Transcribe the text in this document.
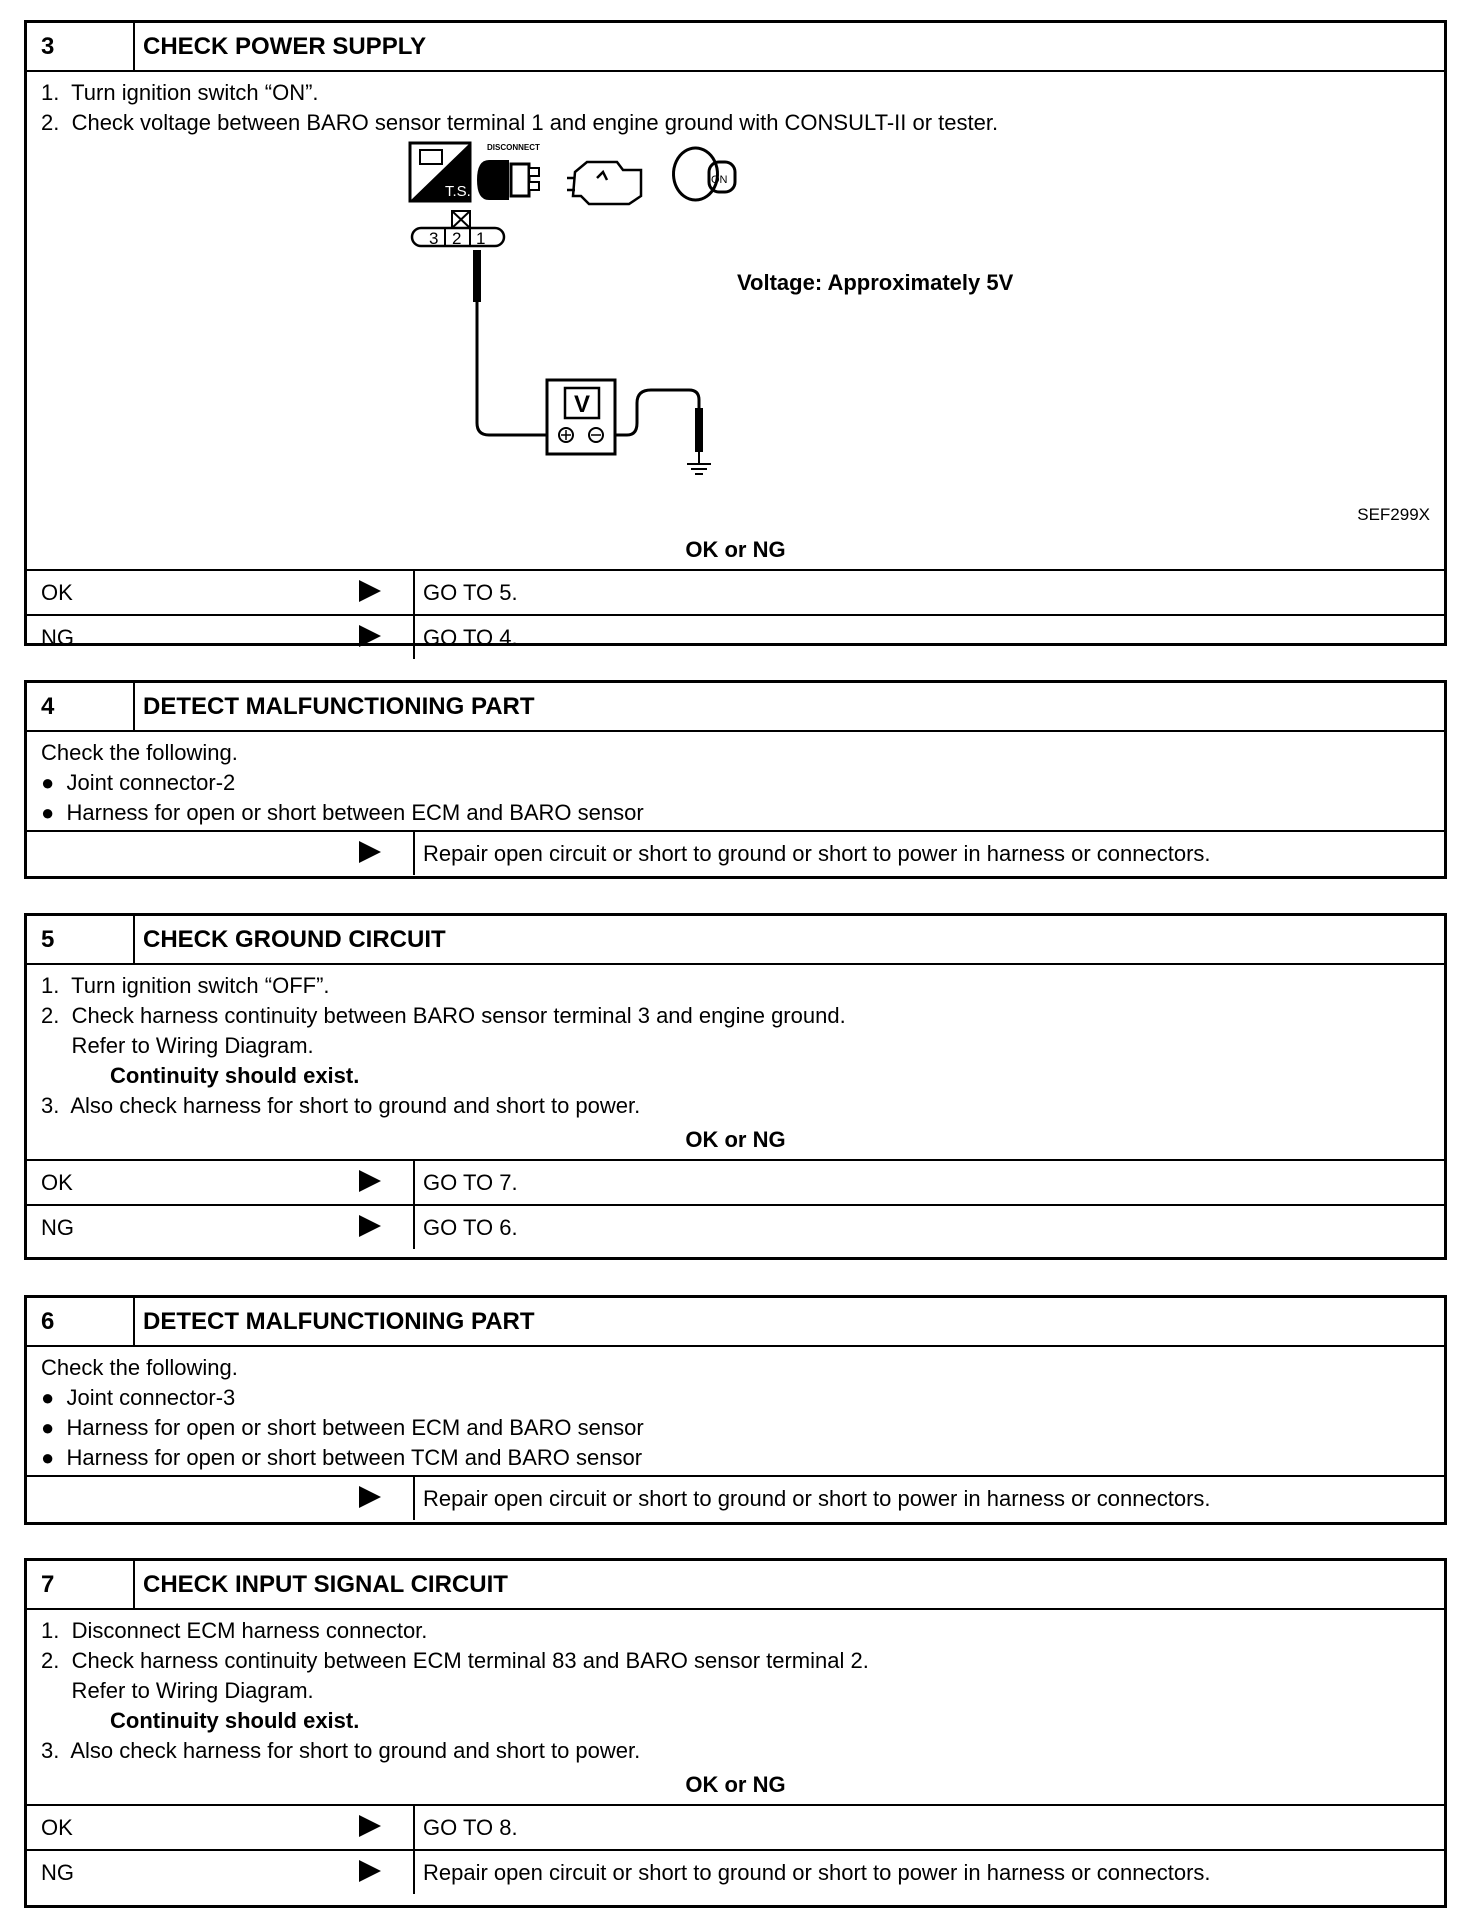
3	CHECK POWER SUPPLY
1.  Turn ignition switch “ON”.
2.  Check voltage between BARO sensor terminal 1 and engine ground with CONSULT-II or tester.
T.S.
DISCONNECT
ON
3 2 1
V
Voltage: Approximately 5V
SEF299X
OK or NG
OK	GO TO 5.
NG	GO TO 4.
4	DETECT MALFUNCTIONING PART
Check the following.
●  Joint connector-2
●  Harness for open or short between ECM and BARO sensor
Repair open circuit or short to ground or short to power in harness or connectors.
5	CHECK GROUND CIRCUIT
1.  Turn ignition switch “OFF”.
2.  Check harness continuity between BARO sensor terminal 3 and engine ground.
Refer to Wiring Diagram.
Continuity should exist.
3.  Also check harness for short to ground and short to power.
OK or NG
OK	GO TO 7.
NG	GO TO 6.
6	DETECT MALFUNCTIONING PART
Check the following.
●  Joint connector-3
●  Harness for open or short between ECM and BARO sensor
●  Harness for open or short between TCM and BARO sensor
Repair open circuit or short to ground or short to power in harness or connectors.
7	CHECK INPUT SIGNAL CIRCUIT
1.  Disconnect ECM harness connector.
2.  Check harness continuity between ECM terminal 83 and BARO sensor terminal 2.
Refer to Wiring Diagram.
Continuity should exist.
3.  Also check harness for short to ground and short to power.
OK or NG
OK	GO TO 8.
NG	Repair open circuit or short to ground or short to power in harness or connectors.
